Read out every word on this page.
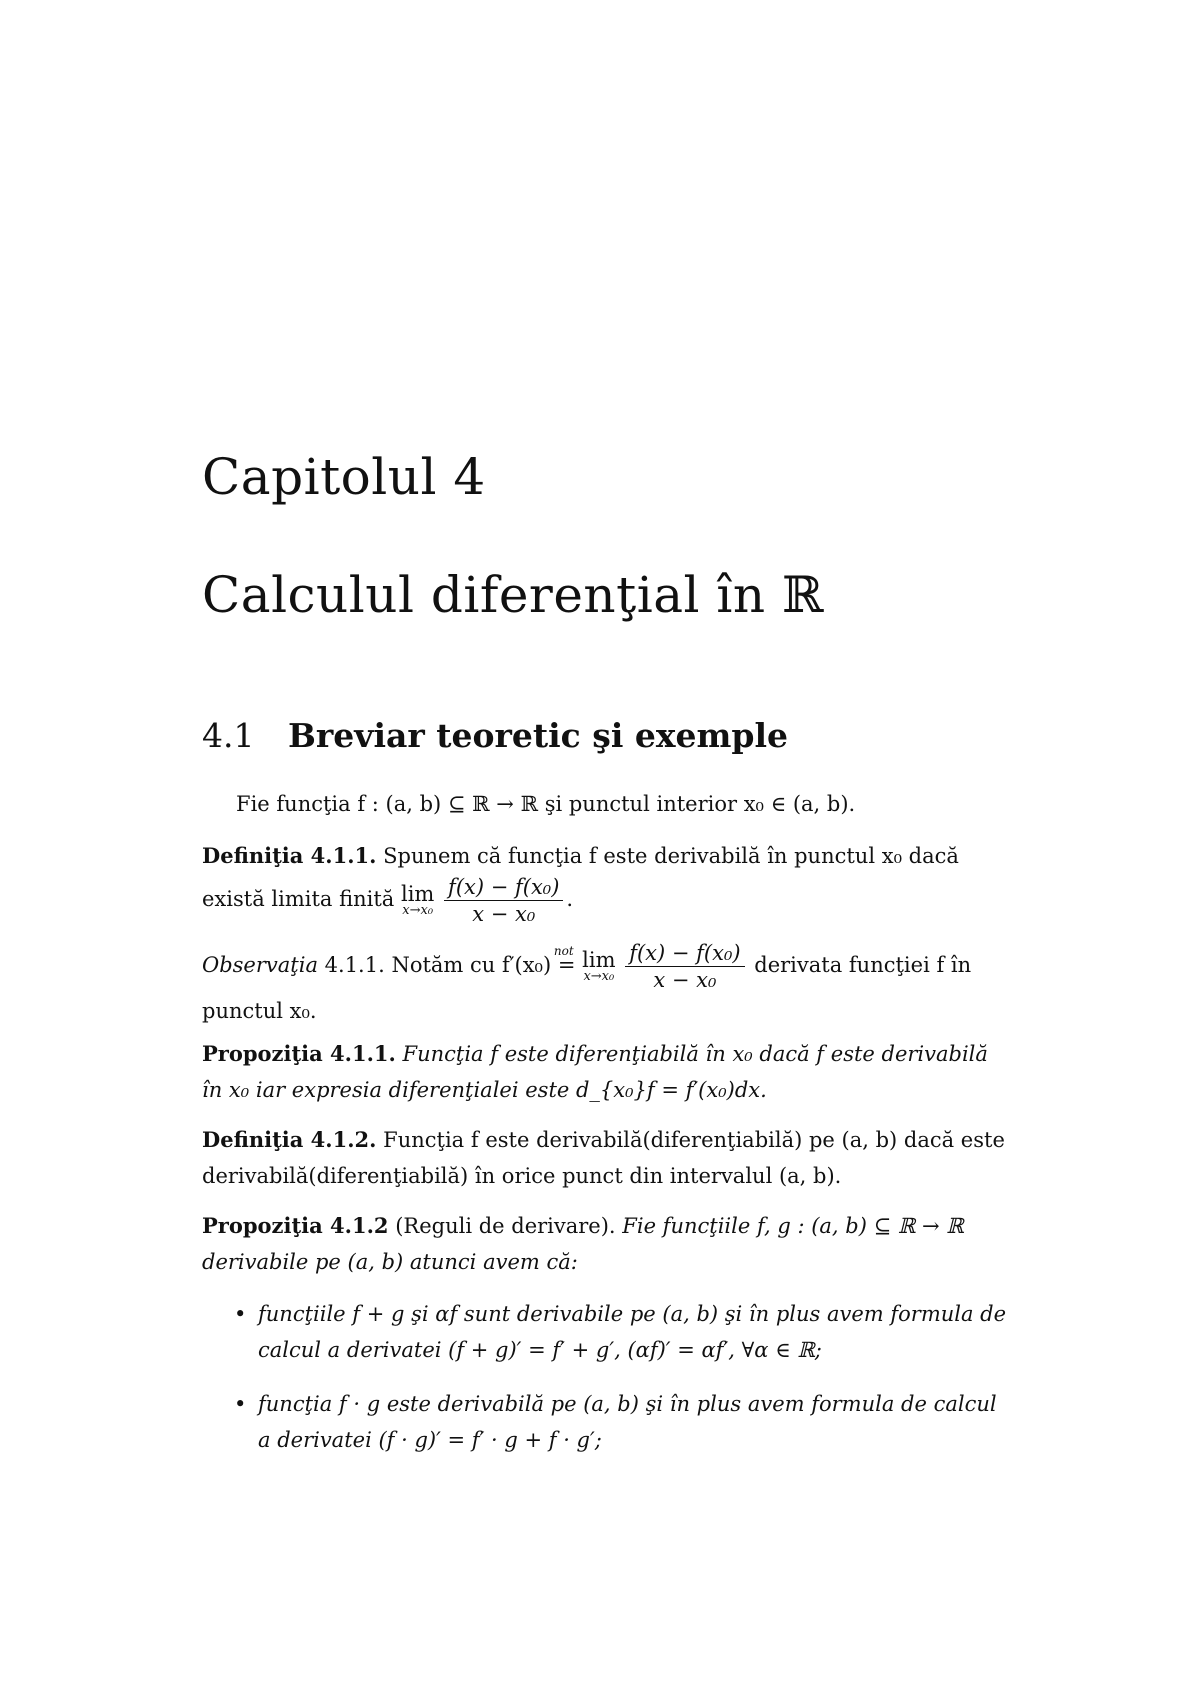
Capitolul 4
Calculul diferenţial în ℝ
4.1 Breviar teoretic şi exemple

Fie funcţia f : (a, b) ⊆ ℝ → ℝ şi punctul interior x₀ ∈ (a, b).

Definiţia 4.1.1. Spunem că funcţia f este derivabilă în punctul x₀ dacă există limita finită lim
x→x₀
$\frac{\text{f(x) − f(x₀)}}{\text{x − x₀}}$ .
Observaţia 4.1.1. Notăm cu f′(x₀)
not
= lim
x→x₀
$\frac{\text{f(x) − f(x₀)}}{\text{x − x₀}}$ derivata funcţiei f în punctul x₀.
Propoziţia 4.1.1. Funcţia f este diferenţiabilă în x₀ dacă f este derivabilă în x₀ iar expresia diferenţialei este d_{x₀}f = f′(x₀)dx.
Definiţia 4.1.2. Funcţia f este derivabilă(diferenţiabilă) pe (a, b) dacă este derivabilă(diferenţiabilă) în orice punct din intervalul (a, b).
Propoziţia 4.1.2 (Reguli de derivare). Fie funcţiile f, g : (a, b) ⊆ ℝ → ℝ derivabile pe (a, b) atunci avem că:
• funcţiile f + g şi αf sunt derivabile pe (a, b) şi în plus avem formula de calcul a derivatei (f + g)′ = f′ + g′, (αf)′ = αf′, ∀α ∈ ℝ;
• funcţia f · g este derivabilă pe (a, b) şi în plus avem formula de calcul a derivatei (f · g)′ = f′ · g + f · g′;
